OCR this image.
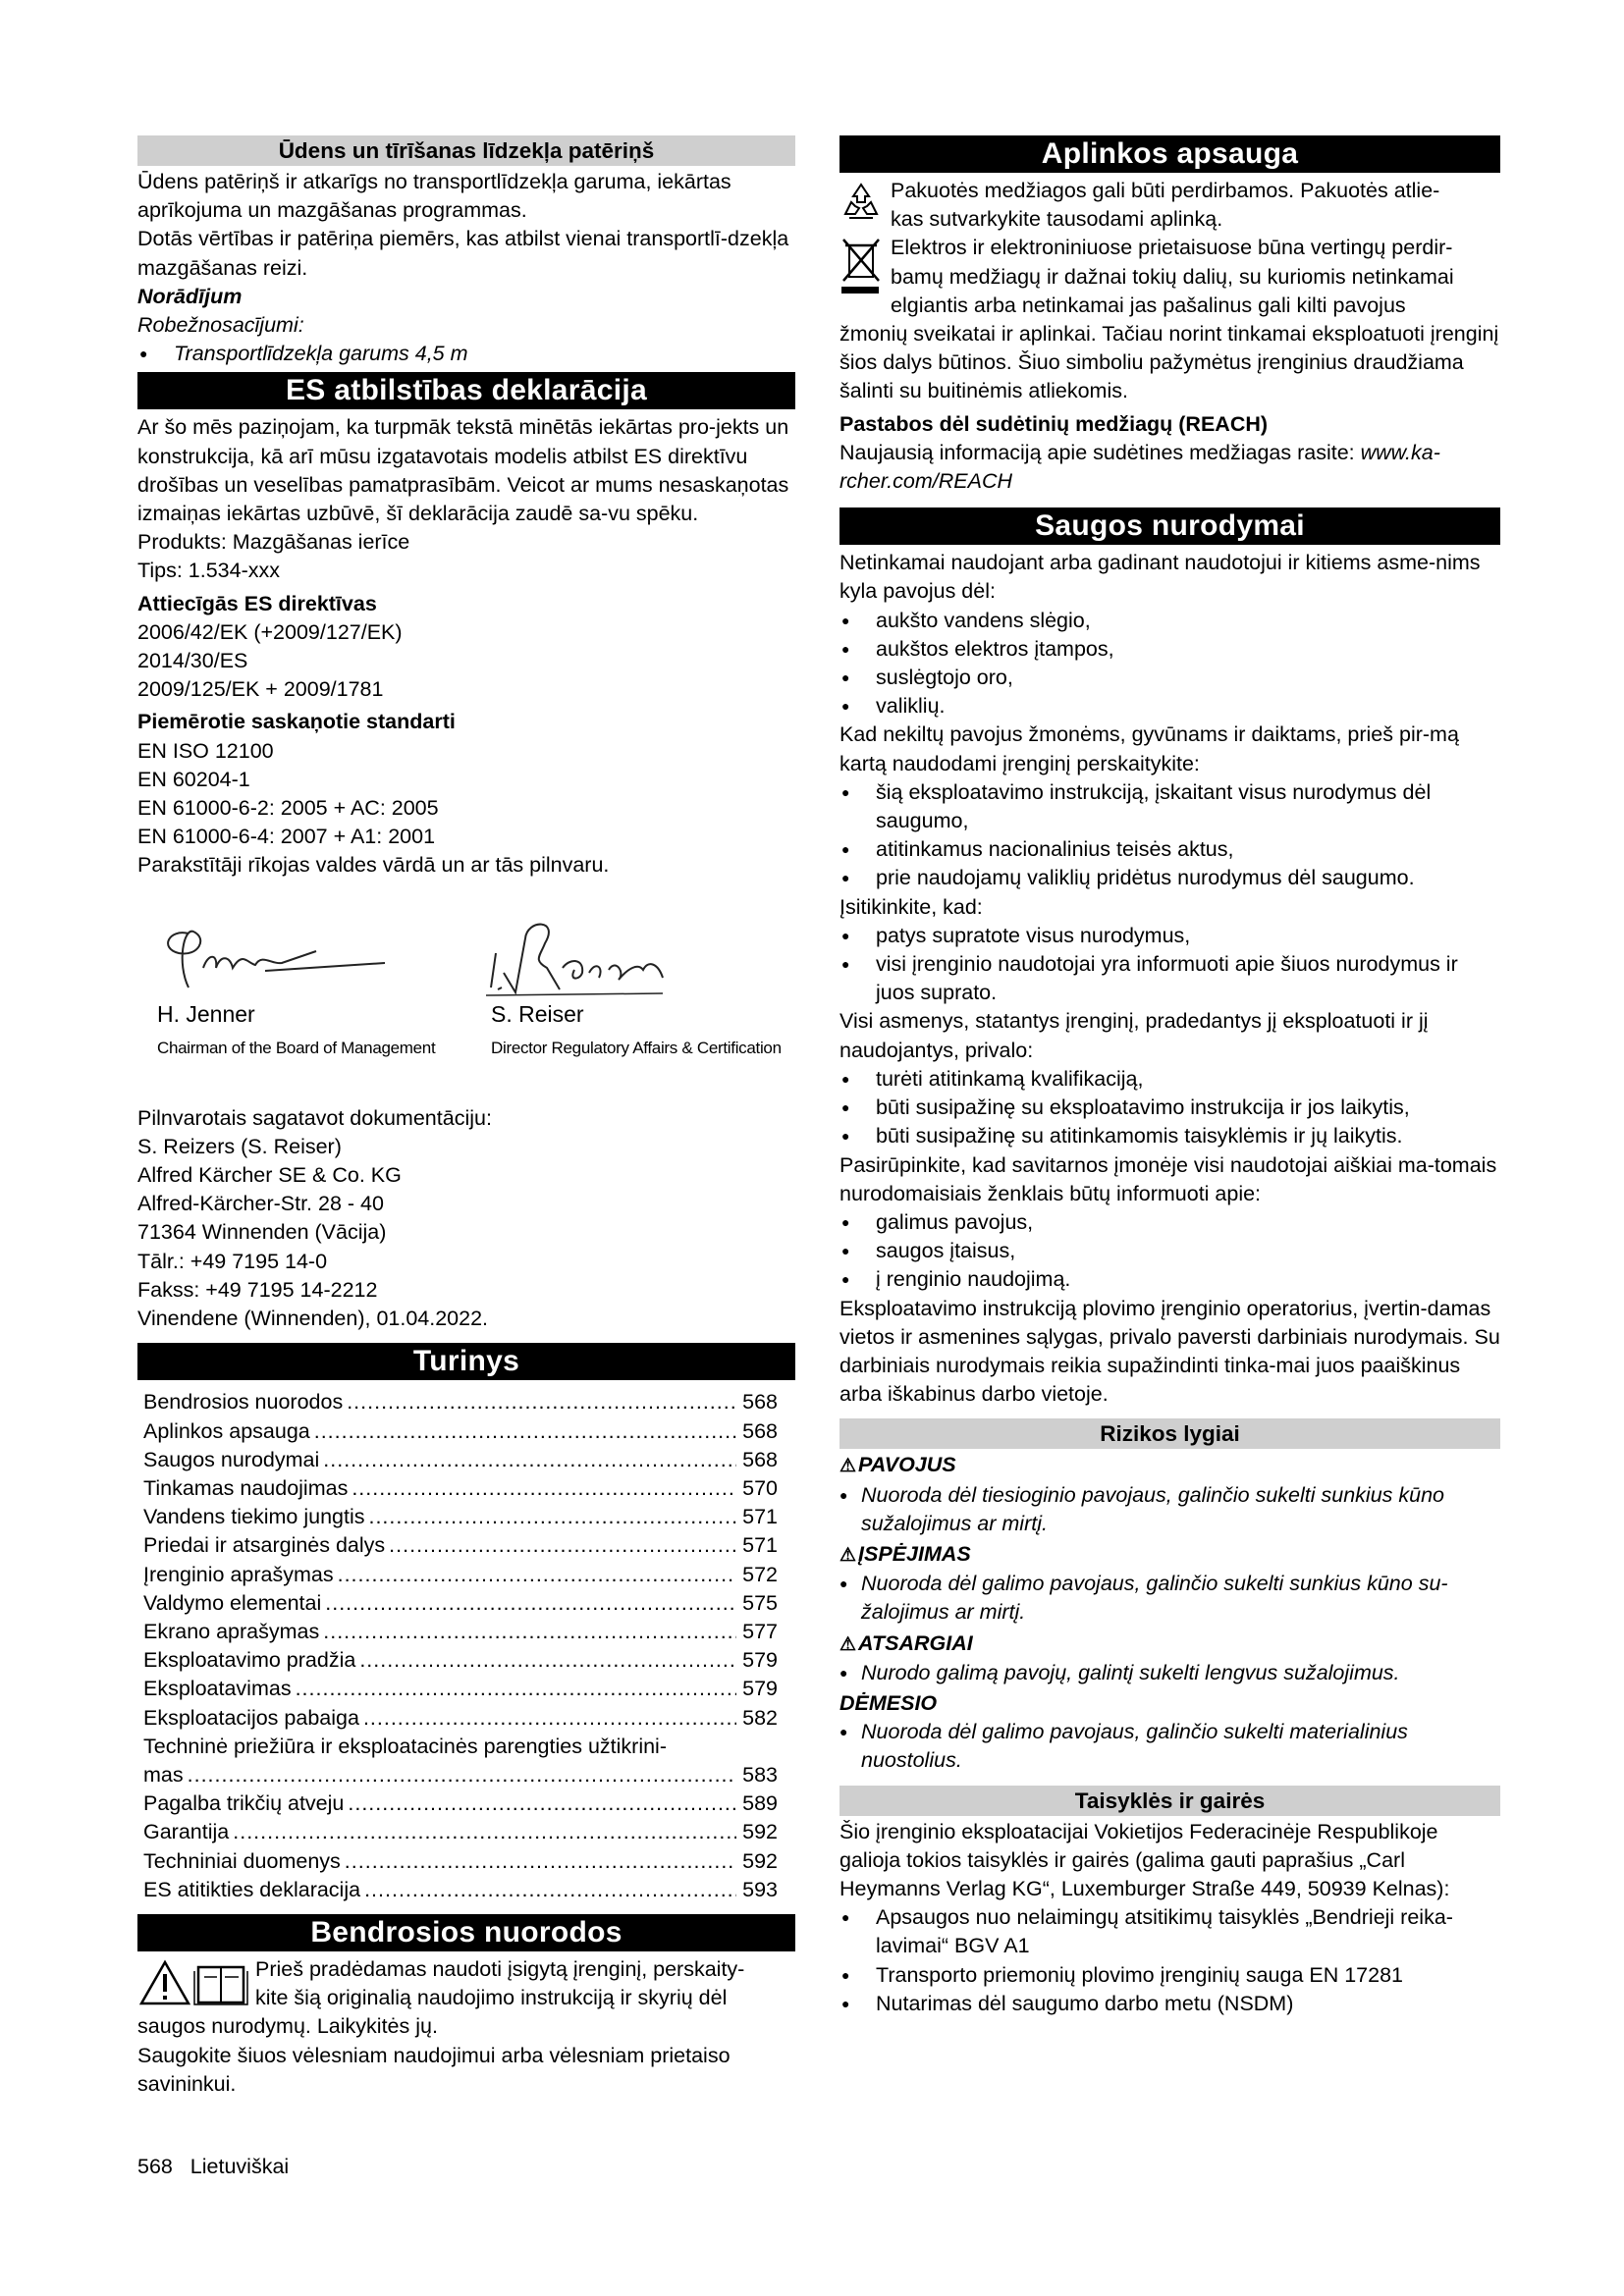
Ūdens un tīrīšanas līdzekļa patēriņš

Ūdens patēriņš ir atkarīgs no transportlīdzekļa garuma, iekārtas aprīkojuma un mazgāšanas programmas.

Dotās vērtības ir patēriņa piemērs, kas atbilst vienai transportlī-dzekļa mazgāšanas reizi.

Norādījum

Robežnosacījumi:

● Transportlīdzekļa garums 4,5 m

ES atbilstības deklarācija

Ar šo mēs paziņojam, ka turpmāk tekstā minētās iekārtas pro-jekts un konstrukcija, kā arī mūsu izgatavotais modelis atbilst ES direktīvu drošības un veselības pamatprasībām. Veicot ar mums nesaskaņotas izmaiņas iekārtas uzbūvē, šī deklarācija zaudē sa-vu spēku.

Produkts: Mazgāšanas ierīce

Tips: 1.534-xxx

Attiecīgās ES direktīvas

2006/42/EK (+2009/127/EK)

2014/30/ES

2009/125/EK + 2009/1781

Piemērotie saskaņotie standarti

EN ISO 12100

EN 60204-1

EN 61000-6-2: 2005 + AC: 2005

EN 61000-6-4: 2007 + A1: 2001

Parakstītāji rīkojas valdes vārdā un ar tās pilnvaru.

H. Jenner
Chairman of the Board of Management
S. Reiser
Director Regulatory Affairs & Certification

Pilnvarotais sagatavot dokumentāciju:

S. Reizers (S. Reiser)

Alfred Kärcher SE & Co. KG

Alfred-Kärcher-Str. 28 - 40

71364 Winnenden (Vācija)

Tālr.: +49 7195 14-0

Fakss: +49 7195 14-2212

Vinendene (Winnenden), 01.04.2022.

Turinys
Bendrosios nuorodos .....	568
Aplinkos apsauga .....	568
Saugos nurodymai .....	568
Tinkamas naudojimas .....	570
Vandens tiekimo jungtis .....	571
Priedai ir atsarginės dalys .....	571
Įrenginio aprašymas .....	572
Valdymo elementai .....	575
Ekrano aprašymas .....	577
Eksploatavimo pradžia .....	579
Eksploatavimas .....	579
Eksploatacijos pabaiga .....	582
Techninė priežiūra ir eksploatacinės parengties užtikrini-
mas .....	583
Pagalba trikčių atveju .....	589
Garantija .....	592
Techniniai duomenys .....	592
ES atitikties deklaracija .....	593
Bendrosios nuorodos

Prieš pradėdamas naudoti įsigytą įrenginį, perskaity-

kite šią originalią naudojimo instrukciją ir skyrių dėl

saugos nurodymų. Laikykitės jų.

Saugokite šiuos vėlesniam naudojimui arba vėlesniam prietaiso savininkui.

Aplinkos apsauga

Pakuotės medžiagos gali būti perdirbamos. Pakuotės atlie-

kas sutvarkykite tausodami aplinką.

Elektros ir elektroniniuose prietaisuose būna vertingų perdir-

bamų medžiagų ir dažnai tokių dalių, su kuriomis netinkamai

elgiantis arba netinkamai jas pašalinus gali kilti pavojus

žmonių sveikatai ir aplinkai. Tačiau norint tinkamai eksploatuoti įrenginį šios dalys būtinos. Šiuo simboliu pažymėtus įrenginius draudžiama šalinti su buitinėmis atliekomis.

Pastabos dėl sudėtinių medžiagų (REACH)

Naujausią informaciją apie sudėtines medžiagas rasite: www.ka-rcher.com/REACH

Saugos nurodymai

Netinkamai naudojant arba gadinant naudotojui ir kitiems asme-nims kyla pavojus dėl:

● aukšto vandens slėgio,

● aukštos elektros įtampos,

● suslėgtojo oro,

● valiklių.

Kad nekiltų pavojus žmonėms, gyvūnams ir daiktams, prieš pir-mą kartą naudodami įrenginį perskaitykite:

● šią eksploatavimo instrukciją, įskaitant visus nurodymus dėl saugumo,

● atitinkamus nacionalinius teisės aktus,

● prie naudojamų valiklių pridėtus nurodymus dėl saugumo.

Įsitikinkite, kad:

● patys supratote visus nurodymus,

● visi įrenginio naudotojai yra informuoti apie šiuos nurodymus ir juos suprato.

Visi asmenys, statantys įrenginį, pradedantys jį eksploatuoti ir jį naudojantys, privalo:

● turėti atitinkamą kvalifikaciją,

● būti susipažinę su eksploatavimo instrukcija ir jos laikytis,

● būti susipažinę su atitinkamomis taisyklėmis ir jų laikytis.

Pasirūpinkite, kad savitarnos įmonėje visi naudotojai aiškiai ma-tomais nurodomaisiais ženklais būtų informuoti apie:

● galimus pavojus,

● saugos įtaisus,

● į renginio naudojimą.

Eksploatavimo instrukciją plovimo įrenginio operatorius, įvertin-damas vietos ir asmenines sąlygas, privalo paversti darbiniais nurodymais. Su darbiniais nurodymais reikia supažindinti tinka-mai juos paaiškinus arba iškabinus darbo vietoje.

Rizikos lygiai

⚠PAVOJUS

● Nuoroda dėl tiesioginio pavojaus, galinčio sukelti sunkius kūno sužalojimus ar mirtį.

⚠ĮSPĖJIMAS

● Nuoroda dėl galimo pavojaus, galinčio sukelti sunkius kūno su-žalojimus ar mirtį.

⚠ATSARGIAI

● Nurodo galimą pavojų, galintį sukelti lengvus sužalojimus.

DĖMESIO

● Nuoroda dėl galimo pavojaus, galinčio sukelti materialinius nuostolius.

Taisyklės ir gairės

Šio įrenginio eksploatacijai Vokietijos Federacinėje Respublikoje galioja tokios taisyklės ir gairės (galima gauti paprašius „Carl Heymanns Verlag KG“, Luxemburger Straße 449, 50939 Kelnas):

● Apsaugos nuo nelaimingų atsitikimų taisyklės „Bendrieji reika-lavimai“ BGV A1

● Transporto priemonių plovimo įrenginių sauga EN 17281

● Nutarimas dėl saugumo darbo metu (NSDM)

568 Lietuviškai
